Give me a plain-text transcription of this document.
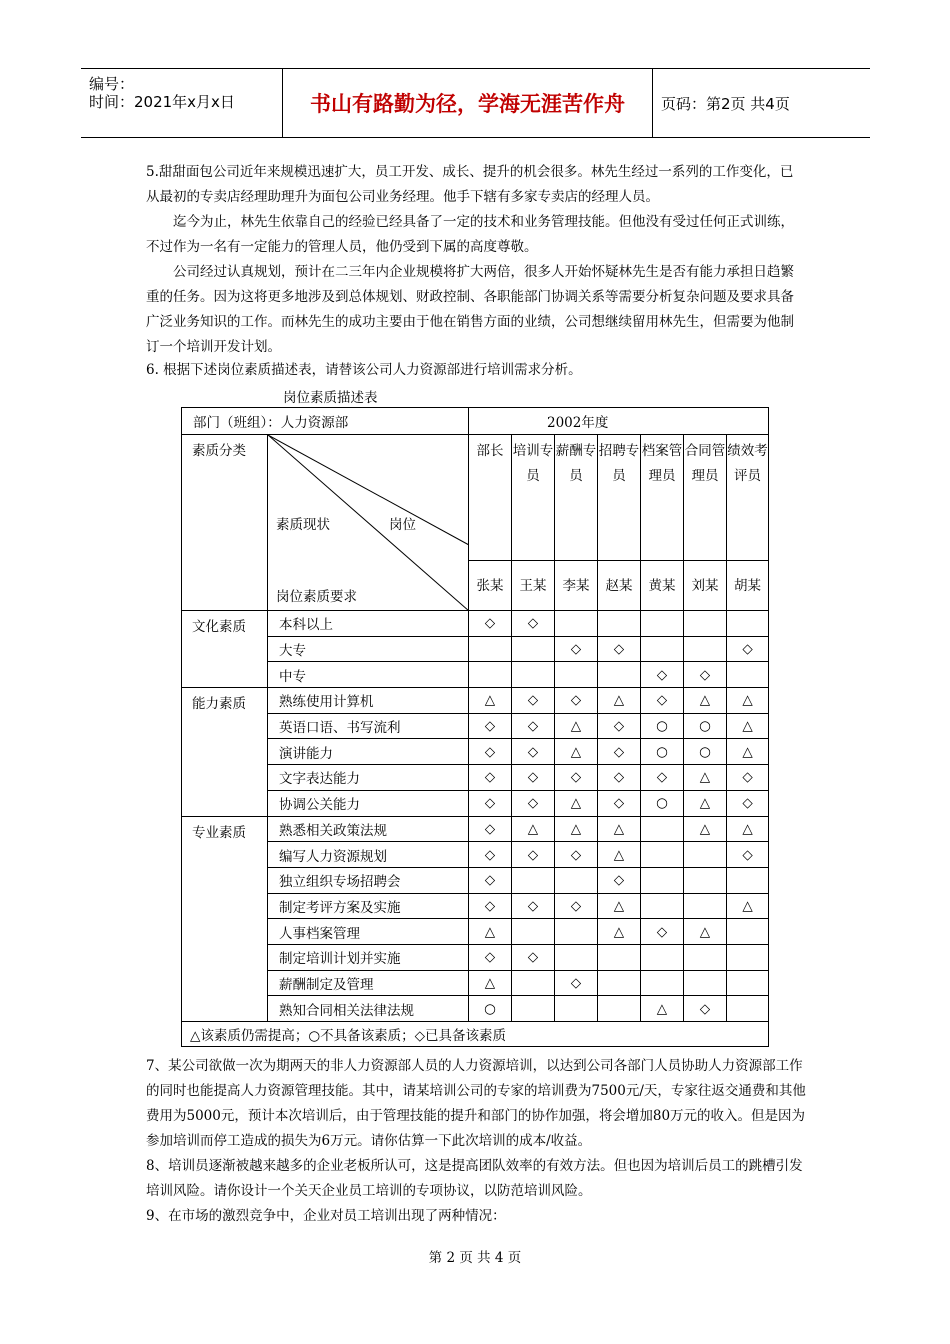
编号：
时间：2021年x月x日	书山有路勤为径，学海无涯苦作舟	页码：第2页 共4页

5.甜甜面包公司近年来规模迅速扩大，员工开发、成长、提升的机会很多。林先生经过一系列的工作变化，已从最初的专卖店经理助理升为面包公司业务经理。他手下辖有多家专卖店的经理人员。

迄今为止，林先生依靠自己的经验已经具备了一定的技术和业务管理技能。但他没有受过任何正式训练，不过作为一名有一定能力的管理人员，他仍受到下属的高度尊敬。

公司经过认真规划，预计在二三年内企业规模将扩大两倍，很多人开始怀疑林先生是否有能力承担日趋繁重的任务。因为这将更多地涉及到总体规划、财政控制、各职能部门协调关系等需要分析复杂问题及要求具备广泛业务知识的工作。而林先生的成功主要由于他在销售方面的业绩，公司想继续留用林先生，但需要为他制订一个培训开发计划。

6. 根据下述岗位素质描述表，请替该公司人力资源部进行培训需求分析。

岗位素质描述表
部门（班组）：人力资源部		2002年度						
素质分类	素质现状 岗位
岗位素质要求	部长	培训专员	薪酬专员	招聘专员	档案管理员	合同管理员	绩效考评员
		张某	王某	李某	赵某	黄某	刘某	胡某
文化素质	本科以上	◇	◇					
	大专			◇	◇			◇
	中专					◇	◇	
能力素质	熟练使用计算机	△	◇	◇	△	◇	△	△
	英语口语、书写流利	◇	◇	△	◇	○	○	△
	演讲能力	◇	◇	△	◇	○	○	△
	文字表达能力	◇	◇	◇	◇	◇	△	◇
	协调公关能力	◇	◇	△	◇	○	△	◇
专业素质	熟悉相关政策法规	◇	△	△	△		△	△
	编写人力资源规划	◇	◇	◇	△			◇
	独立组织专场招聘会	◇			◇			
	制定考评方案及实施	◇	◇	◇	△			△
	人事档案管理	△			△	◇	△	
	制定培训计划并实施	◇	◇					
	薪酬制定及管理	△		◇				
	熟知合同相关法律法规	○				△	◇	
△该素质仍需提高；○不具备该素质；◇已具备该素质								

7、某公司欲做一次为期两天的非人力资源部人员的人力资源培训，以达到公司各部门人员协助人力资源部工作的同时也能提高人力资源管理技能。其中，请某培训公司的专家的培训费为7500元/天，专家往返交通费和其他费用为5000元，预计本次培训后，由于管理技能的提升和部门的协作加强，将会增加80万元的收入。但是因为参加培训而停工造成的损失为6万元。请你估算一下此次培训的成本/收益。

8、培训员逐渐被越来越多的企业老板所认可，这是提高团队效率的有效方法。但也因为培训后员工的跳槽引发培训风险。请你设计一个关天企业员工培训的专项协议，以防范培训风险。

9、在市场的激烈竞争中，企业对员工培训出现了两种情况：

第 2 页 共 4 页
